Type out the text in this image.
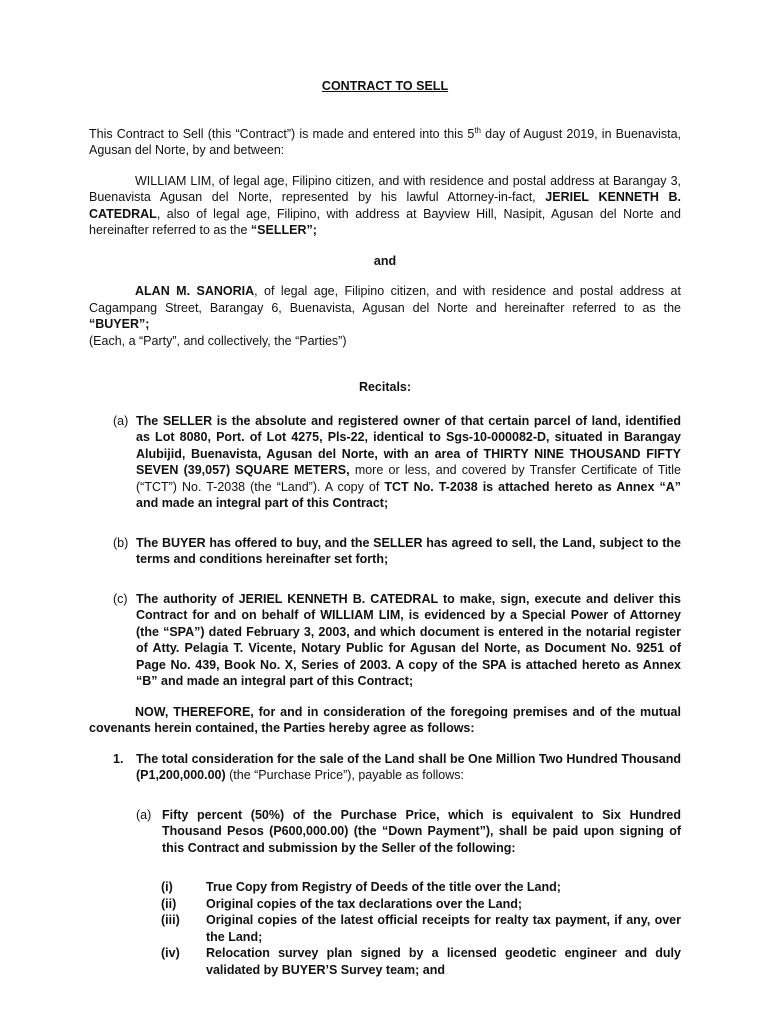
CONTRACT TO SELL

This Contract to Sell (this “Contract”) is made and entered into this 5th day of August 2019, in Buenavista, Agusan del Norte, by and between:

WILLIAM LIM, of legal age, Filipino citizen, and with residence and postal address at Barangay 3, Buenavista Agusan del Norte, represented by his lawful Attorney-in-fact, JERIEL KENNETH B. CATEDRAL, also of legal age, Filipino, with address at Bayview Hill, Nasipit, Agusan del Norte and hereinafter referred to as the “SELLER”;

and

ALAN M. SANORIA, of legal age, Filipino citizen, and with residence and postal address at Cagampang Street, Barangay 6, Buenavista, Agusan del Norte and hereinafter referred to as the “BUYER”;

(Each, a “Party”, and collectively, the “Parties”)

Recitals:

(a) The SELLER is the absolute and registered owner of that certain parcel of land, identified as Lot 8080, Port. of Lot 4275, Pls-22, identical to Sgs-10-000082-D, situated in Barangay Alubijid, Buenavista, Agusan del Norte, with an area of THIRTY NINE THOUSAND FIFTY SEVEN (39,057) SQUARE METERS, more or less, and covered by Transfer Certificate of Title (“TCT”) No. T-2038 (the “Land”). A copy of TCT No. T-2038 is attached hereto as Annex “A” and made an integral part of this Contract;
(b) The BUYER has offered to buy, and the SELLER has agreed to sell, the Land, subject to the terms and conditions hereinafter set forth;
(c) The authority of JERIEL KENNETH B. CATEDRAL to make, sign, execute and deliver this Contract for and on behalf of WILLIAM LIM, is evidenced by a Special Power of Attorney (the “SPA”) dated February 3, 2003, and which document is entered in the notarial register of Atty. Pelagia T. Vicente, Notary Public for Agusan del Norte, as Document No. 9251 of Page No. 439, Book No. X, Series of 2003. A copy of the SPA is attached hereto as Annex “B” and made an integral part of this Contract;

NOW, THEREFORE, for and in consideration of the foregoing premises and of the mutual covenants herein contained, the Parties hereby agree as follows:

1.	The total consideration for the sale of the Land shall be One Million Two Hundred Thousand (P1,200,000.00) (the “Purchase Price”), payable as follows:
(a) Fifty percent (50%) of the Purchase Price, which is equivalent to Six Hundred Thousand Pesos (P600,000.00) (the “Down Payment”), shall be paid upon signing of this Contract and submission by the Seller of the following:
(i)	True Copy from Registry of Deeds of the title over the Land;
(ii)	Original copies of the tax declarations over the Land;
(iii)	Original copies of the latest official receipts for realty tax payment, if any, over the Land;
(iv)	Relocation survey plan signed by a licensed geodetic engineer and duly validated by BUYER’S Survey team; and
